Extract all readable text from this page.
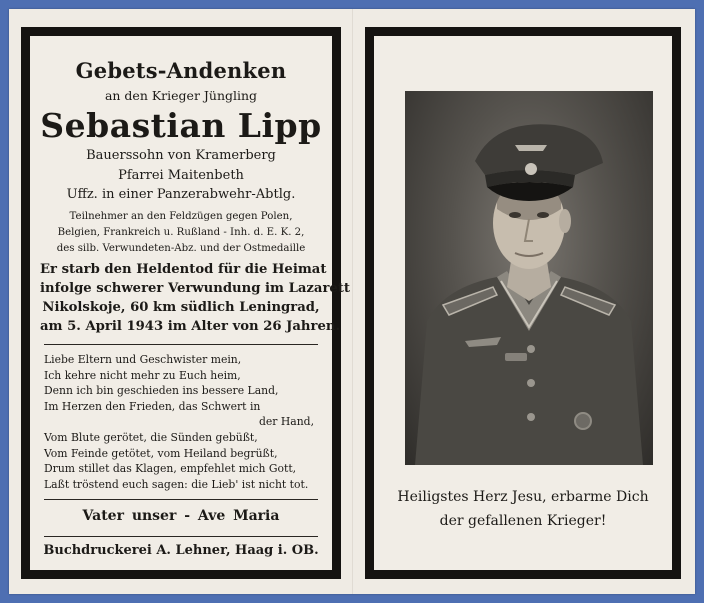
Gebets-Andenken
an den Krieger Jüngling
Sebastian Lipp
Bauerssohn von Kramerberg
Pfarrei Maitenbeth
Uffz. in einer Panzerabwehr-Abtlg.
Teilnehmer an den Feldzügen gegen Polen,
Belgien, Frankreich u. Rußland - Inh. d. E. K. 2,
des silb. Verwundeten-Abz. und der Ostmedaille
Er starb den Heldentod für die Heimat
infolge schwerer Verwundung im Lazarett
Nikolskoje, 60 km südlich Leningrad,
am 5. April 1943 im Alter von 26 Jahren.
Liebe Eltern und Geschwister mein,
Ich kehre nicht mehr zu Euch heim,
Denn ich bin geschieden ins bessere Land,
Im Herzen den Frieden, das Schwert in
der Hand,
Vom Blute gerötet, die Sünden gebüßt,
Vom Feinde getötet, vom Heiland begrüßt,
Drum stillet das Klagen, empfehlet mich Gott,
Laßt tröstend euch sagen: die Lieb' ist nicht tot.
Vater unser - Ave Maria
Buchdruckerei A. Lehner, Haag i. OB.
Heiligstes Herz Jesu, erbarme Dich
der gefallenen Krieger!
